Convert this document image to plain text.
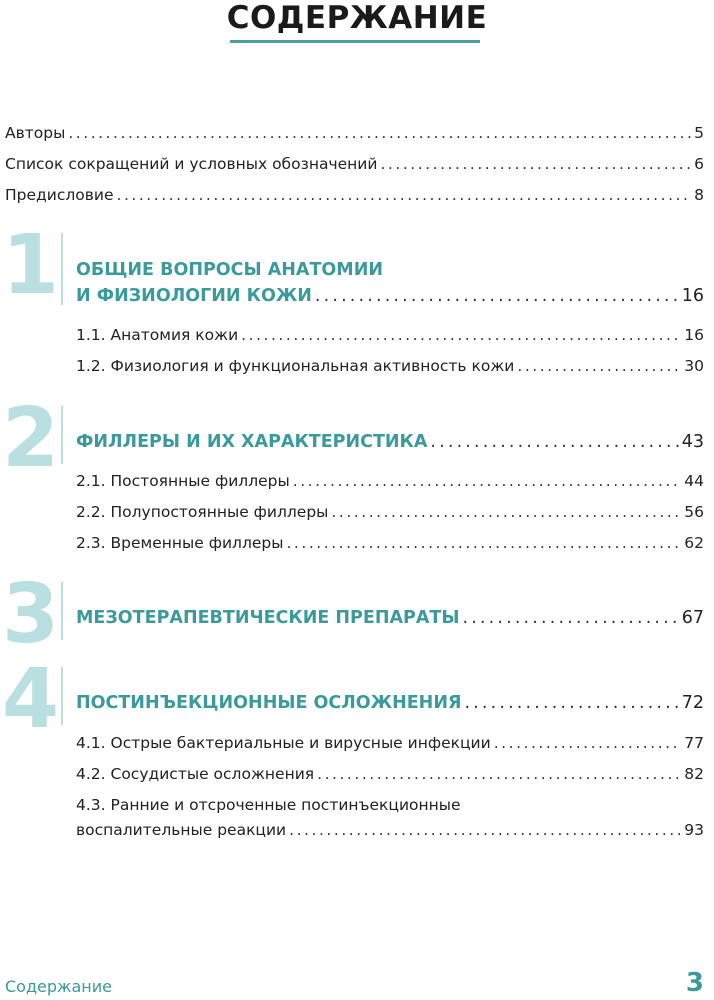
СОДЕРЖАНИЕ
Авторы . . .	5
Список сокращений и условных обозначений . . .	6
Предисловие . . .	8
1 ОБЩИЕ ВОПРОСЫ АНАТОМИИ
И ФИЗИОЛОГИИ КОЖИ . . .	16
1.1. Анатомия кожи . . .	16
1.2. Физиология и функциональная активность кожи . . .	30
2 ФИЛЛЕРЫ И ИХ ХАРАКТЕРИСТИКА . . .	43
2.1. Постоянные филлеры . . .	44
2.2. Полупостоянные филлеры . . .	56
2.3. Временные филлеры . . .	62
3 МЕЗОТЕРАПЕВТИЧЕСКИЕ ПРЕПАРАТЫ . . .	67
4 ПОСТИНЪЕКЦИОННЫЕ ОСЛОЖНЕНИЯ . . .	72
4.1. Острые бактериальные и вирусные инфекции . . .	77
4.2. Сосудистые осложнения . . .	82
4.3. Ранние и отсроченные постинъекционные
воспалительные реакции . . .	93
Содержание	3
